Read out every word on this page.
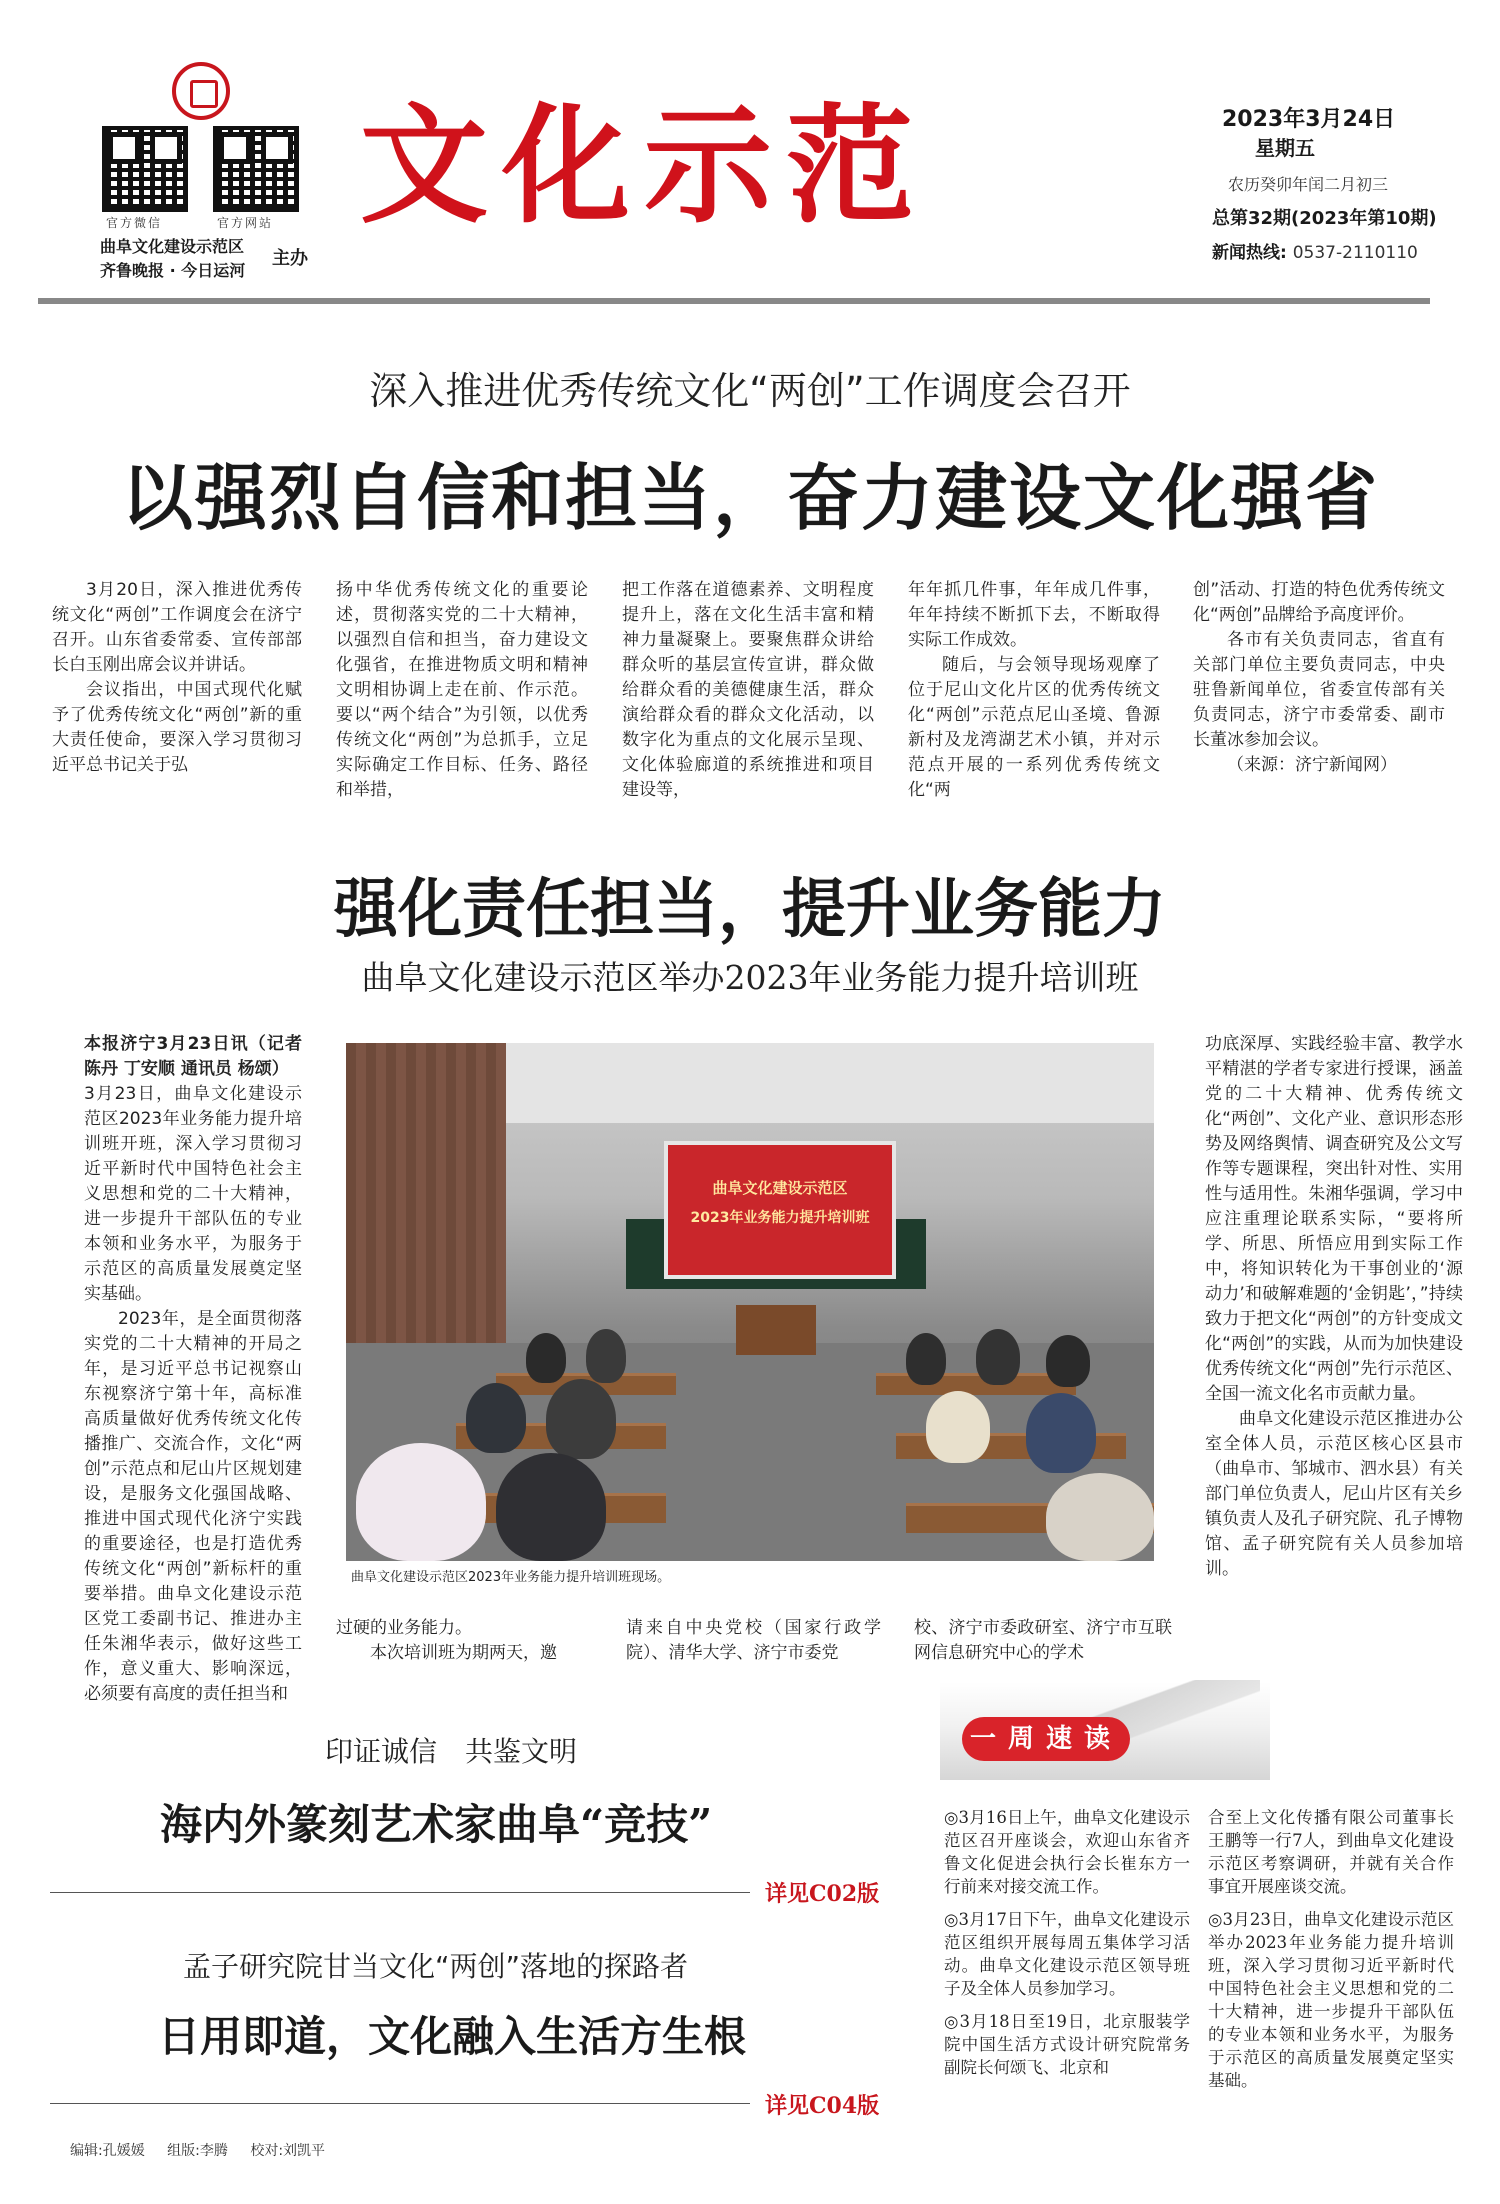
官方微信	官方网站
曲阜文化建设示范区
齐鲁晚报 · 今日运河
主办
文化示范	2023年3月24日
星期五
农历癸卯年闰二月初三
总第32期(2023年第10期)
新闻热线: 0537-2110110
深入推进优秀传统文化“两创”工作调度会召开
以强烈自信和担当，奋力建设文化强省

3月20日，深入推进优秀传统文化“两创”工作调度会在济宁召开。山东省委常委、宣传部部长白玉刚出席会议并讲话。

会议指出，中国式现代化赋予了优秀传统文化“两创”新的重大责任使命，要深入学习贯彻习近平总书记关于弘

扬中华优秀传统文化的重要论述，贯彻落实党的二十大精神，以强烈自信和担当，奋力建设文化强省，在推进物质文明和精神文明相协调上走在前、作示范。要以“两个结合”为引领，以优秀传统文化“两创”为总抓手，立足实际确定工作目标、任务、路径和举措，

把工作落在道德素养、文明程度提升上，落在文化生活丰富和精神力量凝聚上。要聚焦群众讲给群众听的基层宣传宣讲，群众做给群众看的美德健康生活，群众演给群众看的群众文化活动，以数字化为重点的文化展示呈现、文化体验廊道的系统推进和项目建设等，

年年抓几件事，年年成几件事，年年持续不断抓下去，不断取得实际工作成效。

随后，与会领导现场观摩了位于尼山文化片区的优秀传统文化“两创”示范点尼山圣境、鲁源新村及龙湾湖艺术小镇，并对示范点开展的一系列优秀传统文化“两

创”活动、打造的特色优秀传统文化“两创”品牌给予高度评价。

各市有关负责同志，省直有关部门单位主要负责同志，中央驻鲁新闻单位，省委宣传部有关负责同志，济宁市委常委、副市长董冰参加会议。

（来源：济宁新闻网）

强化责任担当，提升业务能力
曲阜文化建设示范区举办2023年业务能力提升培训班

本报济宁3月23日讯（记者 陈丹 丁安顺 通讯员 杨颂）

3月23日，曲阜文化建设示范区2023年业务能力提升培训班开班，深入学习贯彻习近平新时代中国特色社会主义思想和党的二十大精神，进一步提升干部队伍的专业本领和业务水平，为服务于示范区的高质量发展奠定坚实基础。

2023年，是全面贯彻落实党的二十大精神的开局之年，是习近平总书记视察山东视察济宁第十年，高标准高质量做好优秀传统文化传播推广、交流合作，文化“两创”示范点和尼山片区规划建设，是服务文化强国战略、推进中国式现代化济宁实践的重要途径，也是打造优秀传统文化“两创”新标杆的重要举措。曲阜文化建设示范区党工委副书记、推进办主任朱湘华表示，做好这些工作，意义重大、影响深远，必须要有高度的责任担当和

曲阜文化建设示范区
2023年业务能力提升培训班
曲阜文化建设示范区2023年业务能力提升培训班现场。

功底深厚、实践经验丰富、教学水平精湛的学者专家进行授课，涵盖党的二十大精神、优秀传统文化“两创”、文化产业、意识形态形势及网络舆情、调查研究及公文写作等专题课程，突出针对性、实用性与适用性。朱湘华强调，学习中应注重理论联系实际，“要将所学、所思、所悟应用到实际工作中，将知识转化为干事创业的‘源动力’和破解难题的‘金钥匙’，”持续致力于把文化“两创”的方针变成文化“两创”的实践，从而为加快建设优秀传统文化“两创”先行示范区、全国一流文化名市贡献力量。

曲阜文化建设示范区推进办公室全体人员，示范区核心区县市（曲阜市、邹城市、泗水县）有关部门单位负责人，尼山片区有关乡镇负责人及孔子研究院、孔子博物馆、孟子研究院有关人员参加培训。

过硬的业务能力。

本次培训班为期两天，邀

请来自中央党校（国家行政学院）、清华大学、济宁市委党

校、济宁市委政研室、济宁市互联网信息研究中心的学术

印证诚信　共鉴文明
海内外篆刻艺术家曲阜“竞技”
详见C02版
孟子研究院甘当文化“两创”落地的探路者
日用即道，文化融入生活方生根
详见C04版
编辑:孔媛媛 组版:李腾 校对:刘凯平
一周速读

◎3月16日上午，曲阜文化建设示范区召开座谈会，欢迎山东省齐鲁文化促进会执行会长崔东方一行前来对接交流工作。

◎3月17日下午，曲阜文化建设示范区组织开展每周五集体学习活动。曲阜文化建设示范区领导班子及全体人员参加学习。

◎3月18日至19日，北京服装学院中国生活方式设计研究院常务副院长何颂飞、北京和

合至上文化传播有限公司董事长王鹏等一行7人，到曲阜文化建设示范区考察调研，并就有关合作事宜开展座谈交流。

◎3月23日，曲阜文化建设示范区举办2023年业务能力提升培训班，深入学习贯彻习近平新时代中国特色社会主义思想和党的二十大精神，进一步提升干部队伍的专业本领和业务水平，为服务于示范区的高质量发展奠定坚实基础。
